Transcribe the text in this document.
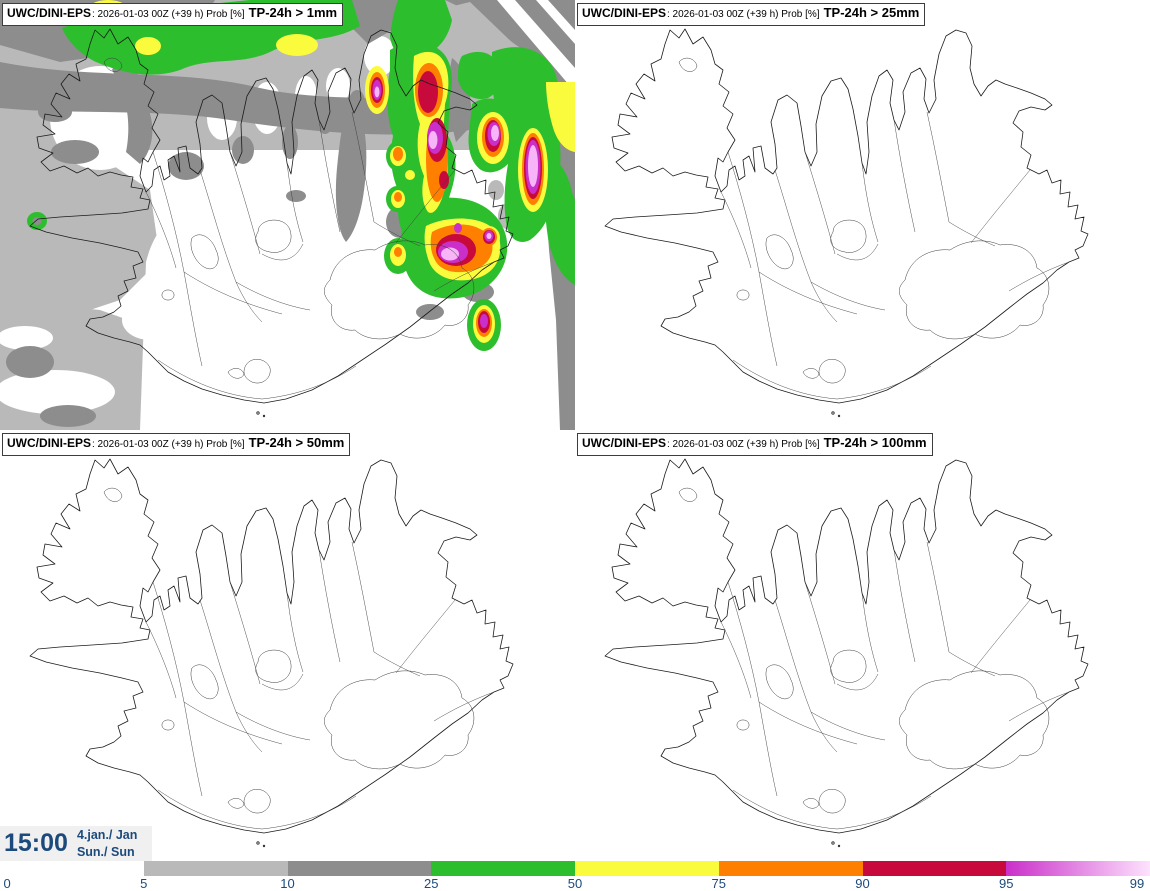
UWC/DINI-EPS: 2026-01-03 00Z (+39 h) Prob [%] TP-24h > 1mm	UWC/DINI-EPS: 2026-01-03 00Z (+39 h) Prob [%] TP-24h > 25mm
UWC/DINI-EPS: 2026-01-03 00Z (+39 h) Prob [%] TP-24h > 50mm	UWC/DINI-EPS: 2026-01-03 00Z (+39 h) Prob [%] TP-24h > 100mm
15:00 4.jan./ Jan
Sun./ Sun
0	5	10	25	50	75	90	95	99
